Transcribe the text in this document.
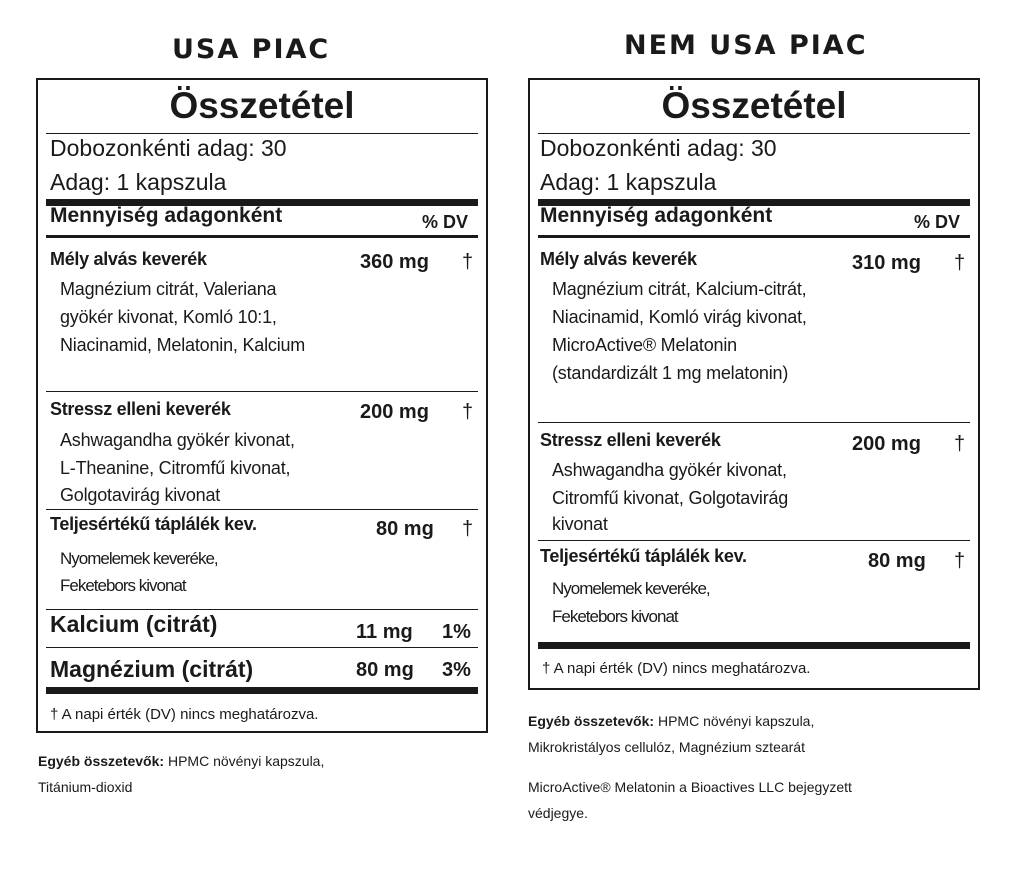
USA PIAC
Összetétel
Dobozonkénti adag: 30
Adag: 1 kapszula
Mennyiség adagonként	% DV
Mély alvás keverék	360 mg †
Magnézium citrát, Valeriana
gyökér kivonat, Komló 10:1,
Niacinamid, Melatonin, Kalcium
Stressz elleni keverék	200 mg †
Ashwagandha gyökér kivonat,
L-Theanine, Citromfű kivonat,
Golgotavirág kivonat
Teljesértékű táplálék kev.	80 mg †
Nyomelemek keveréke,
Feketebors kivonat
Kalcium (citrát)	11 mg 1%
Magnézium (citrát)	80 mg 3%
† A napi érték (DV) nincs meghatározva.
Egyéb összetevők: HPMC növényi kapszula,
Titánium-dioxid
NEM USA PIAC
Összetétel
Dobozonkénti adag: 30
Adag: 1 kapszula
Mennyiség adagonként	% DV
Mély alvás keverék	310 mg †
Magnézium citrát, Kalcium-citrát,
Niacinamid, Komló virág kivonat,
MicroActive® Melatonin
(standardizált 1 mg melatonin)
Stressz elleni keverék	200 mg †
Ashwagandha gyökér kivonat,
Citromfű kivonat, Golgotavirág
kivonat
Teljesértékű táplálék kev.	80 mg †
Nyomelemek keveréke,
Feketebors kivonat
† A napi érték (DV) nincs meghatározva.
Egyéb összetevők: HPMC növényi kapszula,
Mikrokristályos cellulóz, Magnézium sztearát
MicroActive® Melatonin a Bioactives LLC bejegyzett
védjegye.
